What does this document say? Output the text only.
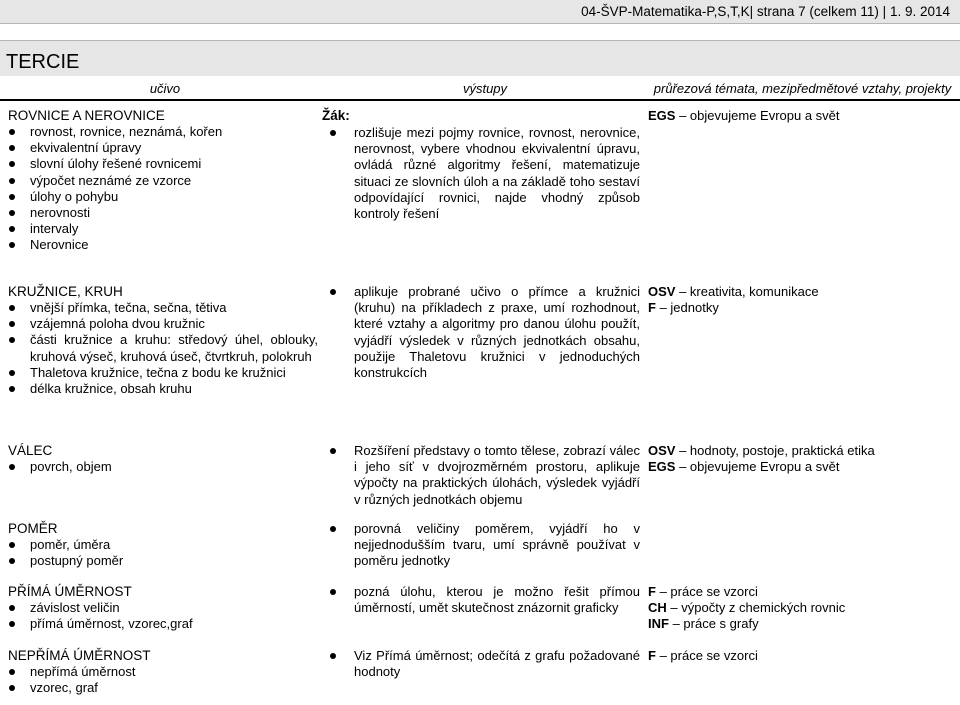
04-ŠVP-Matematika-P,S,T,K| strana 7 (celkem 11) | 1. 9. 2014
TERCIE
učivo	výstupy	průřezová témata, mezipředmětové vztahy, projekty
ROVNICE A NEROVNICE
rovnost, rovnice, neznámá, kořen
ekvivalentní úpravy
slovní úlohy řešené rovnicemi
výpočet neznámé ze vzorce
úlohy o pohybu
nerovnosti
intervaly
Nerovnice
Žák:
rozlišuje mezi pojmy rovnice, rovnost, nerovnice, nerovnost, vybere vhodnou ekvivalentní úpravu, ovládá různé algoritmy řešení, matematizuje situaci ze slovních úloh a na základě toho sestaví odpovídající rovnici, najde vhodný způsob kontroly řešení
EGS – objevujeme Evropu a svět
KRUŽNICE, KRUH
vnější přímka, tečna, sečna, tětiva
vzájemná poloha dvou kružnic
části kružnice a kruhu: středový úhel, oblouky, kruhová výseč, kruhová úseč, čtvrtkruh, polokruh
Thaletova kružnice, tečna z bodu ke kružnici
délka kružnice, obsah kruhu
aplikuje probrané učivo o přímce a kružnici (kruhu) na příkladech z praxe, umí rozhodnout, které vztahy a algoritmy pro danou úlohu použít, vyjádří výsledek v různých jednotkách obsahu, použije Thaletovu kružnici v jednoduchých konstrukcích
OSV – kreativita, komunikace
F – jednotky
VÁLEC
povrch, objem
Rozšíření představy o tomto tělese, zobrazí válec i jeho síť v dvojrozměrném prostoru, aplikuje výpočty na praktických úlohách, výsledek vyjádří v různých jednotkách objemu
OSV – hodnoty, postoje, praktická etika
EGS – objevujeme Evropu a svět
POMĚR
poměr, úměra
postupný poměr
porovná veličiny poměrem, vyjádří ho v nejjednodušším tvaru, umí správně používat v poměru jednotky
PŘÍMÁ ÚMĚRNOST
závislost veličin
přímá úměrnost, vzorec,graf
pozná úlohu, kterou je možno řešit přímou úměrností, umět skutečnost znázornit graficky
F – práce se vzorci
CH – výpočty z chemických rovnic
INF – práce s grafy
NEPŘÍMÁ ÚMĚRNOST
nepřímá úměrnost
vzorec, graf
Viz Přímá úměrnost; odečítá z grafu požadované hodnoty
F – práce se vzorci
